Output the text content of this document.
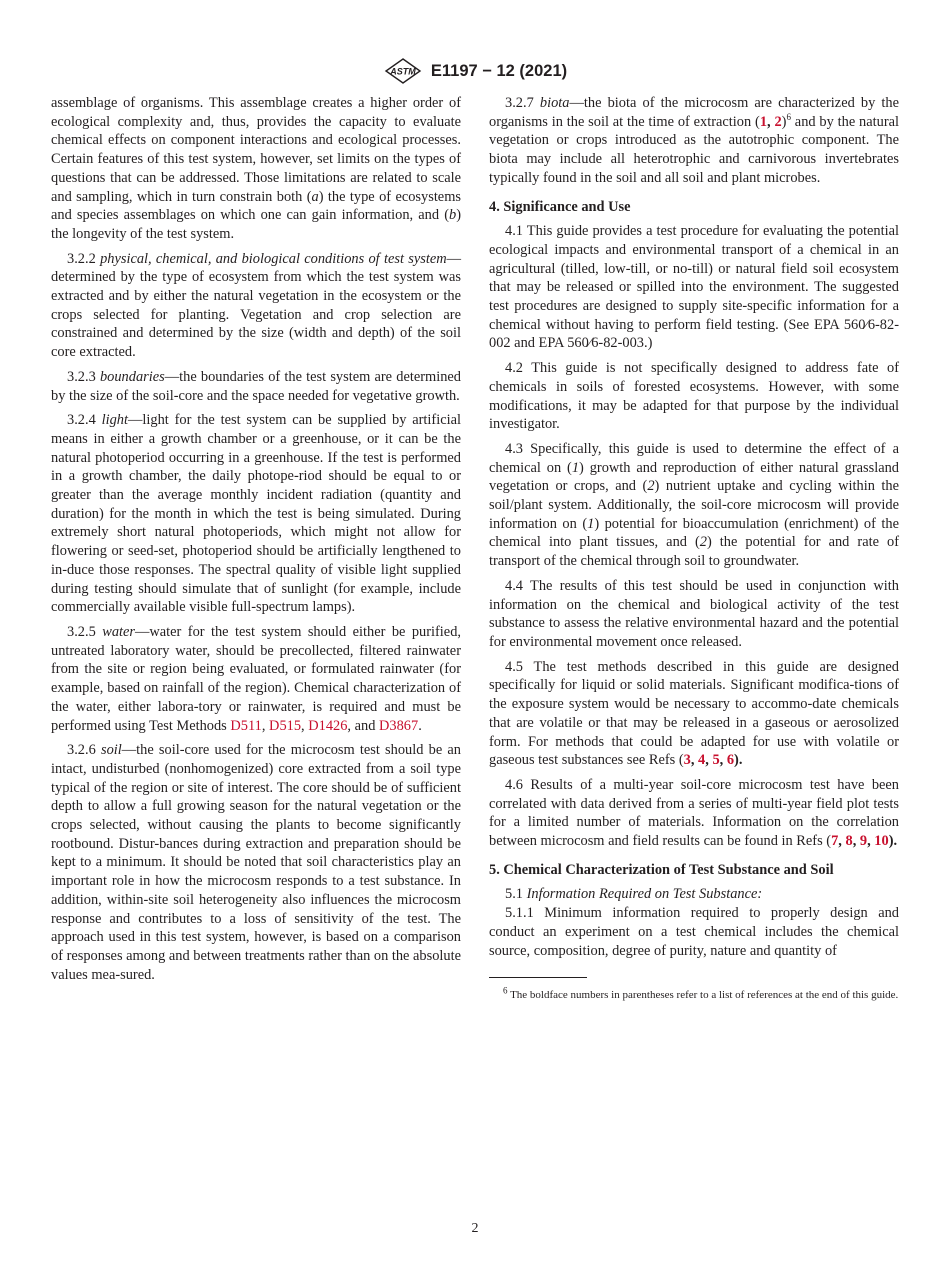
ASTM E1197 − 12 (2021)

assemblage of organisms. This assemblage creates a higher order of ecological complexity and, thus, provides the capacity to evaluate chemical effects on component interactions and ecological processes. Certain features of this test system, however, set limits on the types of questions that can be addressed. Those limitations are related to scale and sampling, which in turn constrain both (a) the type of ecosystems and species assemblages on which one can gain information, and (b) the longevity of the test system.

3.2.2 physical, chemical, and biological conditions of test system—determined by the type of ecosystem from which the test system was extracted and by either the natural vegetation in the ecosystem or the crops selected for planting. Vegetation and crop selection are constrained and determined by the size (width and depth) of the soil core extracted.

3.2.3 boundaries—the boundaries of the test system are determined by the size of the soil-core and the space needed for vegetative growth.

3.2.4 light—light for the test system can be supplied by artificial means in either a growth chamber or a greenhouse, or it can be the natural photoperiod occurring in a greenhouse. If the test is performed in a growth chamber, the daily photope-riod should be equal to or greater than the average monthly incident radiation (quantity and duration) for the month in which the test is being simulated. During extremely short natural photoperiods, which might not allow for flowering or seed-set, photoperiod should be artificially lengthened to in-duce those responses. The spectral quality of visible light supplied during testing should simulate that of sunlight (for example, include commercially available visible full-spectrum lamps).

3.2.5 water—water for the test system should either be purified, untreated laboratory water, should be precollected, filtered rainwater from the site or region being evaluated, or formulated rainwater (for example, based on rainfall of the region). Chemical characterization of the water, either labora-tory or rainwater, is required and must be performed using Test Methods D511, D515, D1426, and D3867.

3.2.6 soil—the soil-core used for the microcosm test should be an intact, undisturbed (nonhomogenized) core extracted from a soil type typical of the region or site of interest. The core should be of sufficient depth to allow a full growing season for the natural vegetation or the crops selected, without causing the plants to become significantly rootbound. Distur-bances during extraction and preparation should be kept to a minimum. It should be noted that soil characteristics play an important role in how the microcosm responds to a test substance. In addition, within-site soil heterogeneity also influences the microcosm response and contributes to a loss of sensitivity of the test. The approach used in this test system, however, is based on a comparison of responses among and between treatments rather than on the absolute values mea-sured.

3.2.7 biota—the biota of the microcosm are characterized by the organisms in the soil at the time of extraction (1, 2)$^6$ and by the natural vegetation or crops introduced as the autotrophic component. The biota may include all heterotrophic and carnivorous invertebrates typically found in the soil and all soil and plant microbes.

4. Significance and Use

4.1 This guide provides a test procedure for evaluating the potential ecological impacts and environmental transport of a chemical in an agricultural (tilled, low-till, or no-till) or natural field soil ecosystem that may be released or spilled into the environment. The suggested test procedures are designed to supply site-specific information for a chemical without having to perform field testing. (See EPA 560⁄6-82-002 and EPA 560⁄6-82-003.)

4.2 This guide is not specifically designed to address fate of chemicals in soils of forested ecosystems. However, with some modifications, it may be adapted for that purpose by the individual investigator.

4.3 Specifically, this guide is used to determine the effect of a chemical on (1) growth and reproduction of either natural grassland vegetation or crops, and (2) nutrient uptake and cycling within the soil/plant system. Additionally, the soil-core microcosm will provide information on (1) potential for bioaccumulation (enrichment) of the chemical into plant tissues, and (2) the potential for and rate of transport of the chemical through soil to groundwater.

4.4 The results of this test should be used in conjunction with information on the chemical and biological activity of the test substance to assess the relative environmental hazard and the potential for environmental movement once released.

4.5 The test methods described in this guide are designed specifically for liquid or solid materials. Significant modifica-tions of the exposure system would be necessary to accommo-date chemicals that are volatile or that may be released in a gaseous or aerosolized form. For methods that could be adapted for use with volatile or gaseous test substances see Refs (3, 4, 5, 6).

4.6 Results of a multi-year soil-core microcosm test have been correlated with data derived from a series of multi-year field plot tests for a limited number of materials. Information on the correlation between microcosm and field results can be found in Refs (7, 8, 9, 10).

5. Chemical Characterization of Test Substance and Soil

5.1 Information Required on Test Substance:

5.1.1 Minimum information required to properly design and conduct an experiment on a test chemical includes the chemical source, composition, degree of purity, nature and quantity of

$^6$ The boldface numbers in parentheses refer to a list of references at the end of this guide.

2
